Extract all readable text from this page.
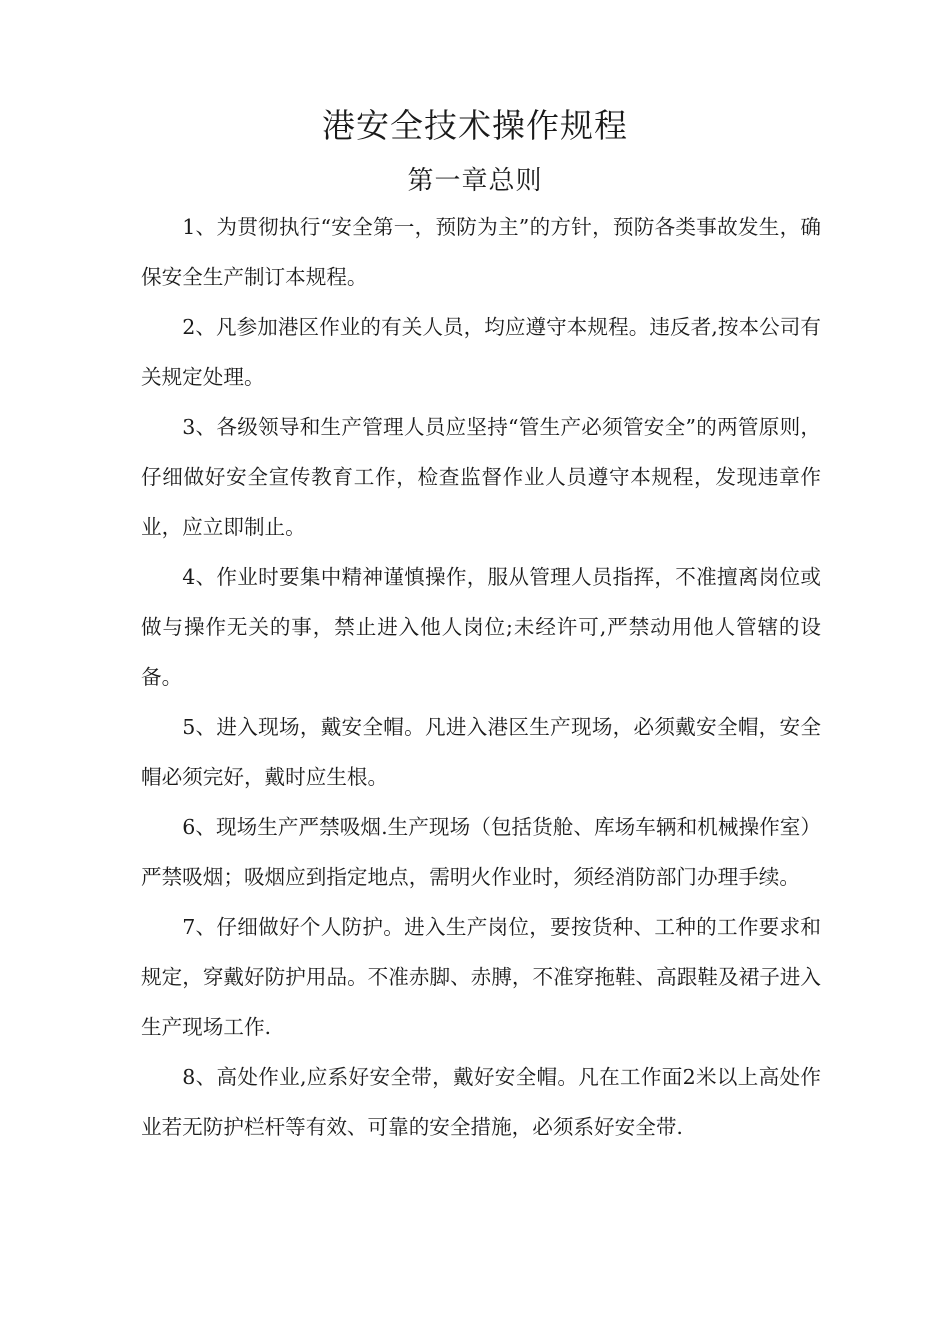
港安全技术操作规程
第一章总则

1、为贯彻执行“安全第一，预防为主”的方针，预防各类事故发生，确保安全生产制订本规程。

2、凡参加港区作业的有关人员，均应遵守本规程。违反者,按本公司有关规定处理。

3、各级领导和生产管理人员应坚持“管生产必须管安全”的两管原则，仔细做好安全宣传教育工作，检查监督作业人员遵守本规程，发现违章作业，应立即制止。

4、作业时要集中精神谨慎操作，服从管理人员指挥，不准擅离岗位或做与操作无关的事，禁止进入他人岗位;未经许可,严禁动用他人管辖的设备。

5、进入现场，戴安全帽。凡进入港区生产现场，必须戴安全帽，安全帽必须完好，戴时应生根。

6、现场生产严禁吸烟.生产现场（包括货舱、库场车辆和机械操作室）严禁吸烟；吸烟应到指定地点，需明火作业时，须经消防部门办理手续。

7、仔细做好个人防护。进入生产岗位，要按货种、工种的工作要求和规定，穿戴好防护用品。不准赤脚、赤膊，不准穿拖鞋、高跟鞋及裙子进入生产现场工作.

8、高处作业,应系好安全带，戴好安全帽。凡在工作面2米以上高处作业若无防护栏杆等有效、可靠的安全措施，必须系好安全带.
